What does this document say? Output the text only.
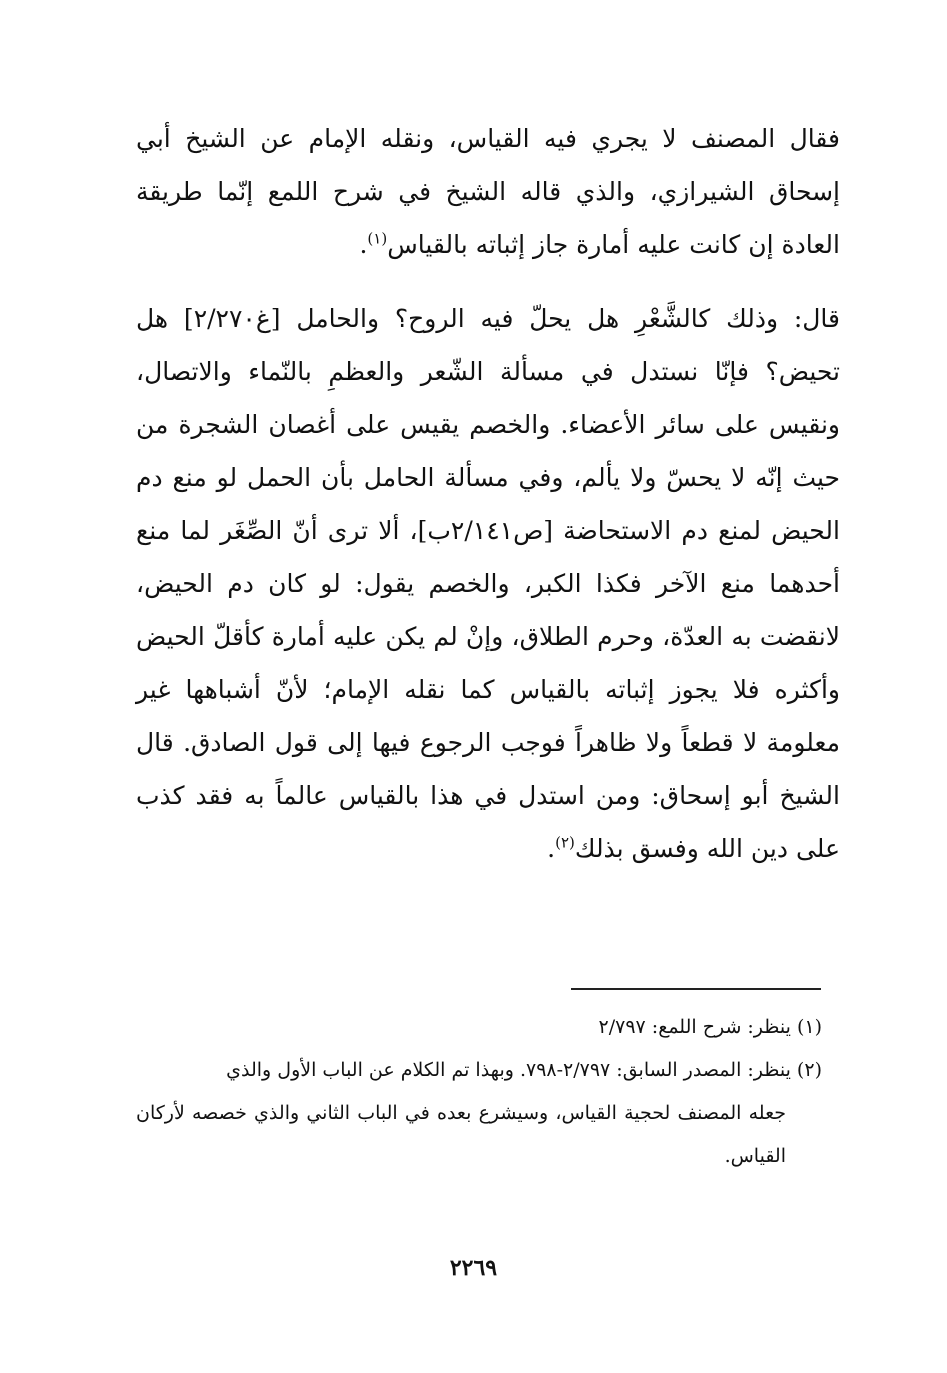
فقال المصنف لا يجري فيه القياس، ونقله الإمام عن الشيخ أبي إسحاق الشيرازي، والذي قاله الشيخ في شرح اللمع إنّما طريقة العادة إن كانت عليه أمارة جاز إثباته بالقياس$^{(١)}$.

قال: وذلك كالشَّعْرِ هل يحلّ فيه الروح؟ والحامل [غ٢/٢٧٠] هل تحيض؟ فإنّا نستدل في مسألة الشّعر والعظمِ بالنّماء والاتصال، ونقيس على سائر الأعضاء. والخصم يقيس على أغصان الشجرة من حيث إنّه لا يحسّ ولا يألم، وفي مسألة الحامل بأن الحمل لو منع دم الحيض لمنع دم الاستحاضة [ص٢/١٤١ب]، ألا ترى أنّ الصِّغَر لما منع أحدهما منع الآخر فكذا الكبر، والخصم يقول: لو كان دم الحيض، لانقضت به العدّة، وحرم الطلاق، وإنْ لم يكن عليه أمارة كأقلّ الحيض وأكثره فلا يجوز إثباته بالقياس كما نقله الإمام؛ لأنّ أشباهها غير معلومة لا قطعاً ولا ظاهراً فوجب الرجوع فيها إلى قول الصادق. قال الشيخ أبو إسحاق: ومن استدل في هذا بالقياس عالماً به فقد كذب على دين الله وفسق بذلك$^{(٢)}$.

(١) ينظر: شرح اللمع: ٢/٧٩٧

(٢) ينظر: المصدر السابق: ٢/٧٩٧-٧٩٨. وبهذا تم الكلام عن الباب الأول والذي

جعله المصنف لحجية القياس، وسيشرع بعده في الباب الثاني والذي خصصه لأركان القياس.

٢٢٦٩
